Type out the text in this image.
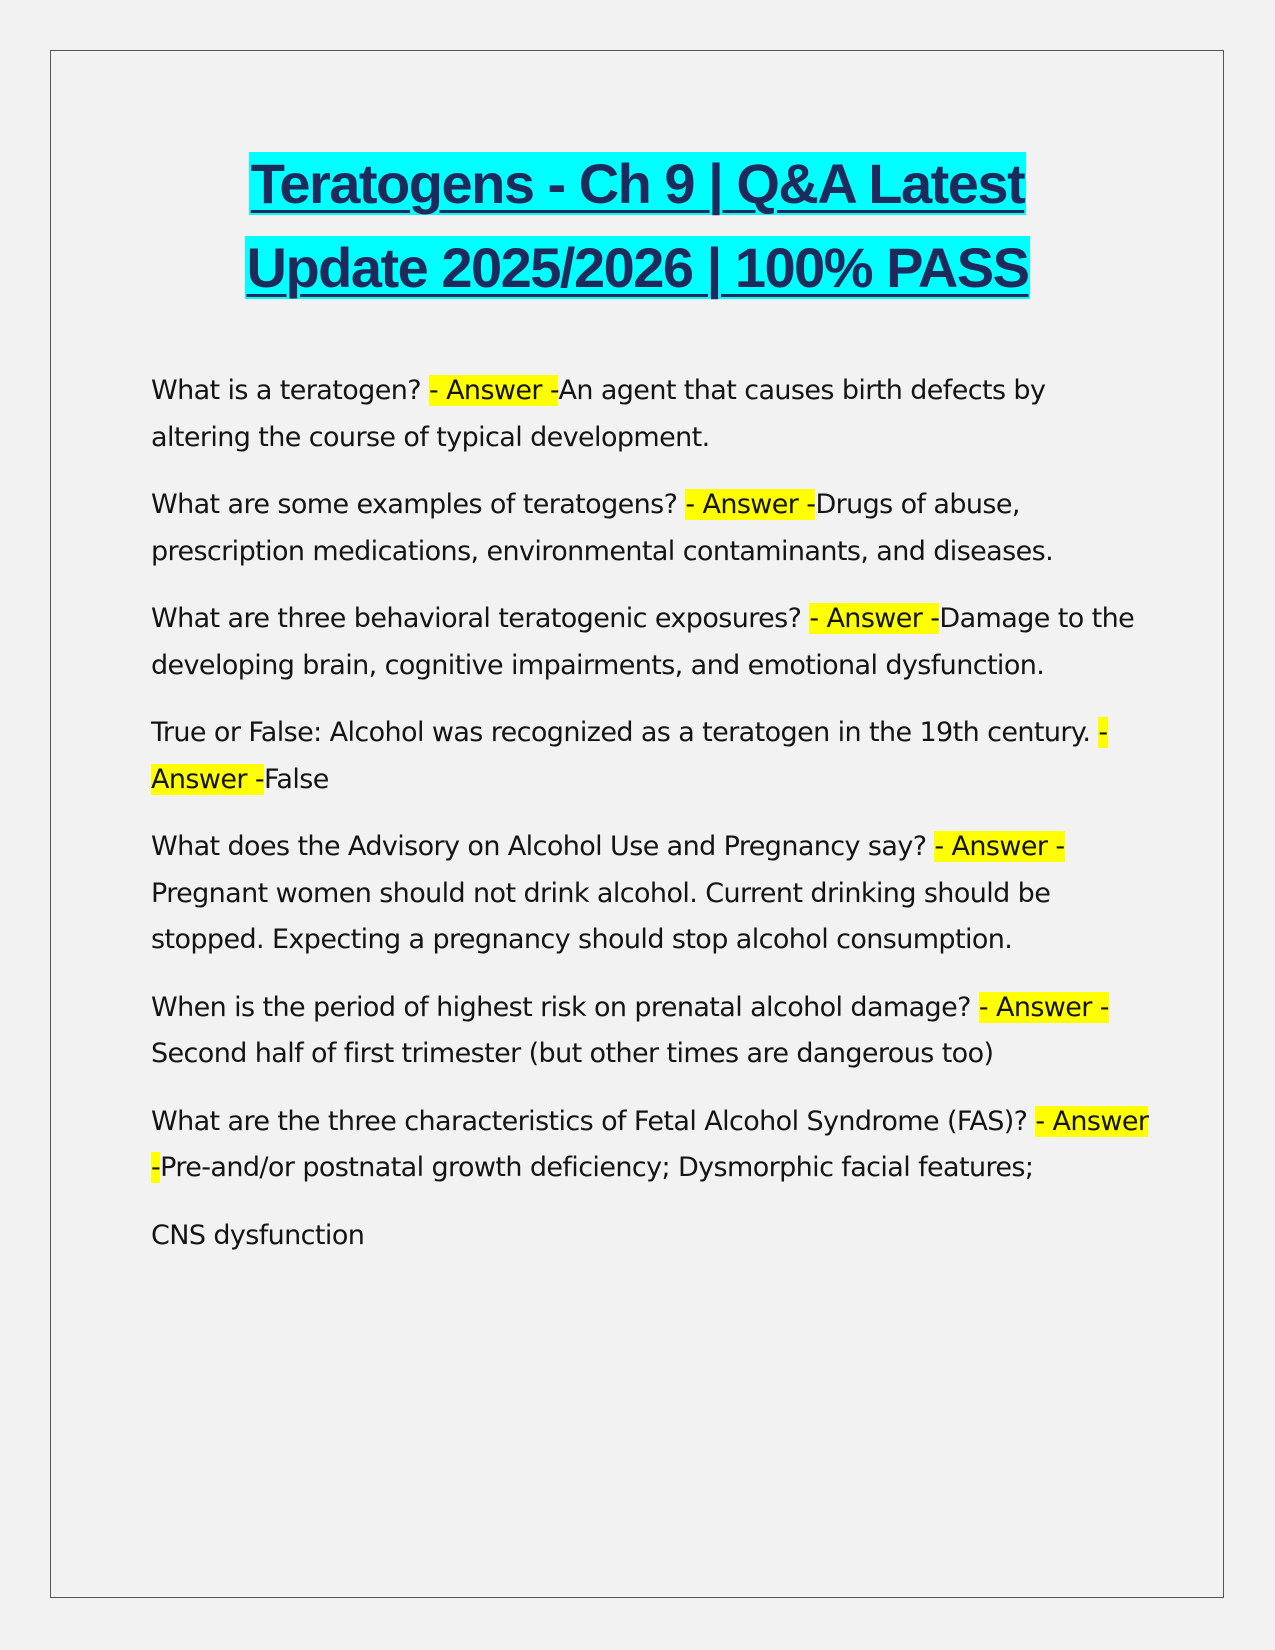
Teratogens - Ch 9 | Q&A Latest
Update 2025/2026 | 100% PASS

What is a teratogen? - Answer -An agent that causes birth defects by altering the course of typical development.

What are some examples of teratogens? - Answer -Drugs of abuse, prescription medications, environmental contaminants, and diseases.

What are three behavioral teratogenic exposures? - Answer -Damage to the developing brain, cognitive impairments, and emotional dysfunction.

True or False: Alcohol was recognized as a teratogen in the 19th century. - Answer -False

What does the Advisory on Alcohol Use and Pregnancy say? - Answer -Pregnant women should not drink alcohol. Current drinking should be stopped. Expecting a pregnancy should stop alcohol consumption.

When is the period of highest risk on prenatal alcohol damage? - Answer -Second half of first trimester (but other times are dangerous too)

What are the three characteristics of Fetal Alcohol Syndrome (FAS)? - Answer -Pre-and/or postnatal growth deficiency; Dysmorphic facial features;

CNS dysfunction
